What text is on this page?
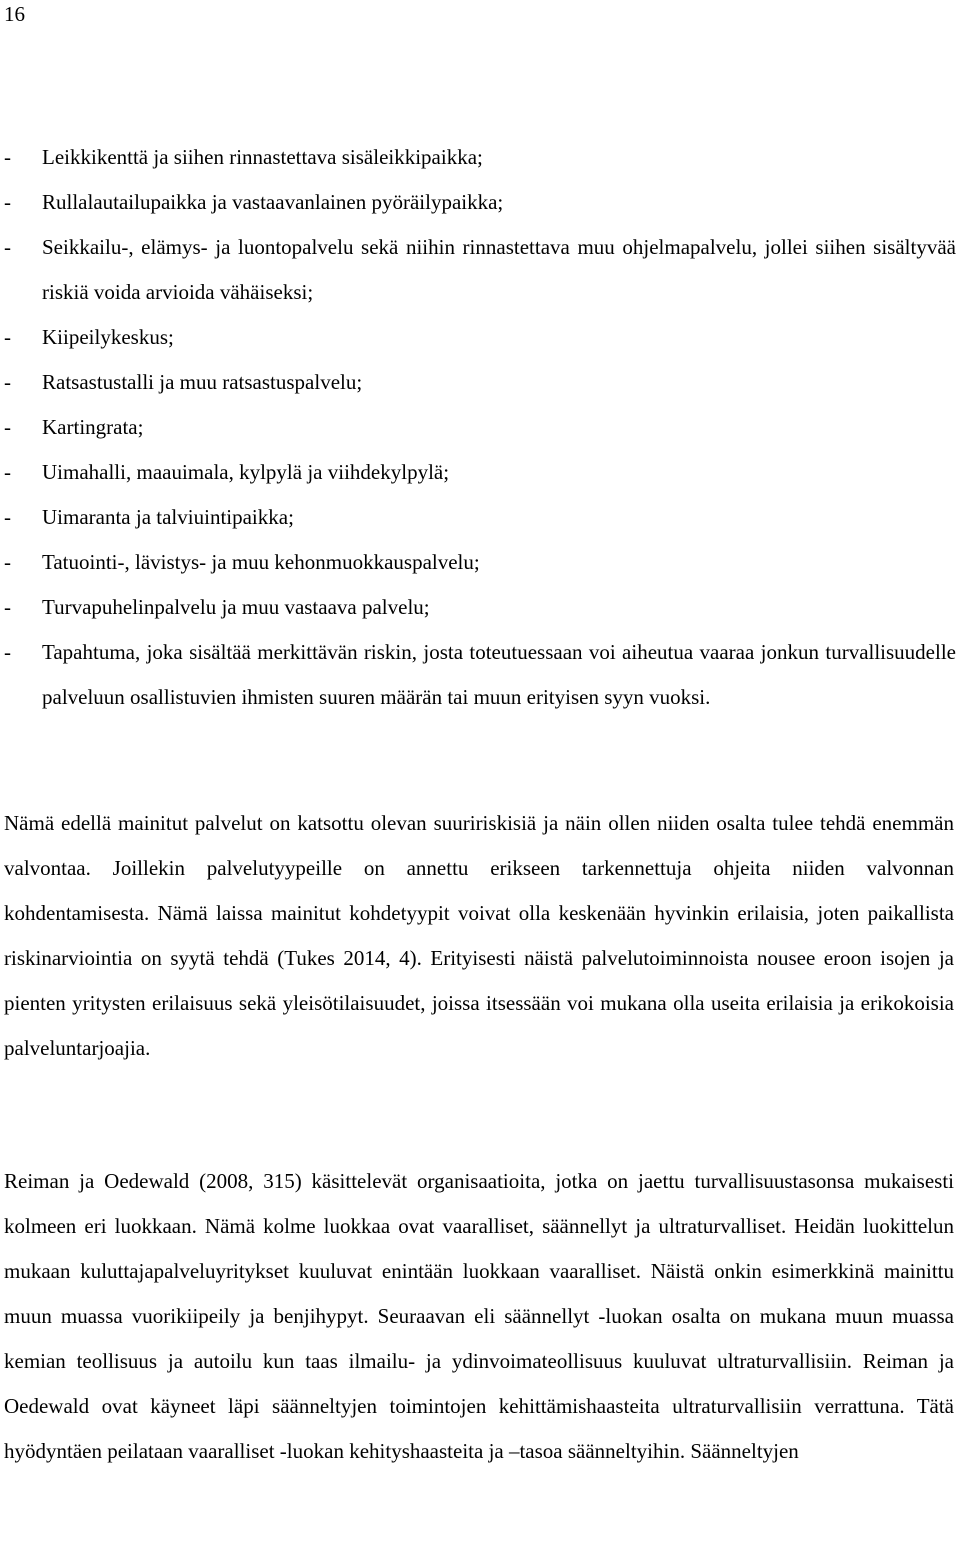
16
- Leikkikenttä ja siihen rinnastettava sisäleikkipaikka;
- Rullalautailupaikka ja vastaavanlainen pyöräilypaikka;
- Seikkailu-, elämys- ja luontopalvelu sekä niihin rinnastettava muu ohjelmapalvelu, jollei siihen sisältyvää riskiä voida arvioida vähäiseksi;
- Kiipeilykeskus;
- Ratsastustalli ja muu ratsastuspalvelu;
- Kartingrata;
- Uimahalli, maauimala, kylpylä ja viihdekylpylä;
- Uimaranta ja talviuintipaikka;
- Tatuointi-, lävistys- ja muu kehonmuokkauspalvelu;
- Turvapuhelinpalvelu ja muu vastaava palvelu;
- Tapahtuma, joka sisältää merkittävän riskin, josta toteutuessaan voi aiheutua vaaraa jonkun turvallisuudelle palveluun osallistuvien ihmisten suuren määrän tai muun erityisen syyn vuoksi.

Nämä edellä mainitut palvelut on katsottu olevan suuririskisiä ja näin ollen niiden osalta tulee tehdä enemmän valvontaa. Joillekin palvelutyypeille on annettu erikseen tarkennettuja ohjeita niiden valvonnan kohdentamisesta. Nämä laissa mainitut kohdetyypit voivat olla keskenään hyvinkin erilaisia, joten paikallista riskinarviointia on syytä tehdä (Tukes 2014, 4). Erityisesti näistä palvelutoiminnoista nousee eroon isojen ja pienten yritysten erilaisuus sekä yleisötilaisuudet, joissa itsessään voi mukana olla useita erilaisia ja erikokoisia palveluntarjoajia.

Reiman ja Oedewald (2008, 315) käsittelevät organisaatioita, jotka on jaettu turvallisuustasonsa mukaisesti kolmeen eri luokkaan. Nämä kolme luokkaa ovat vaaralliset, säännellyt ja ultraturvalliset. Heidän luokittelun mukaan kuluttajapalveluyritykset kuuluvat enintään luokkaan vaaralliset. Näistä onkin esimerkkinä mainittu muun muassa vuorikiipeily ja benjihypyt. Seuraavan eli säännellyt -luokan osalta on mukana muun muassa kemian teollisuus ja autoilu kun taas ilmailu- ja ydinvoimateollisuus kuuluvat ultraturvallisiin. Reiman ja Oedewald ovat käyneet läpi säänneltyjen toimintojen kehittämishaasteita ultraturvallisiin verrattuna. Tätä hyödyntäen peilataan vaaralliset -luokan kehityshaasteita ja –tasoa säänneltyihin. Säänneltyjen
